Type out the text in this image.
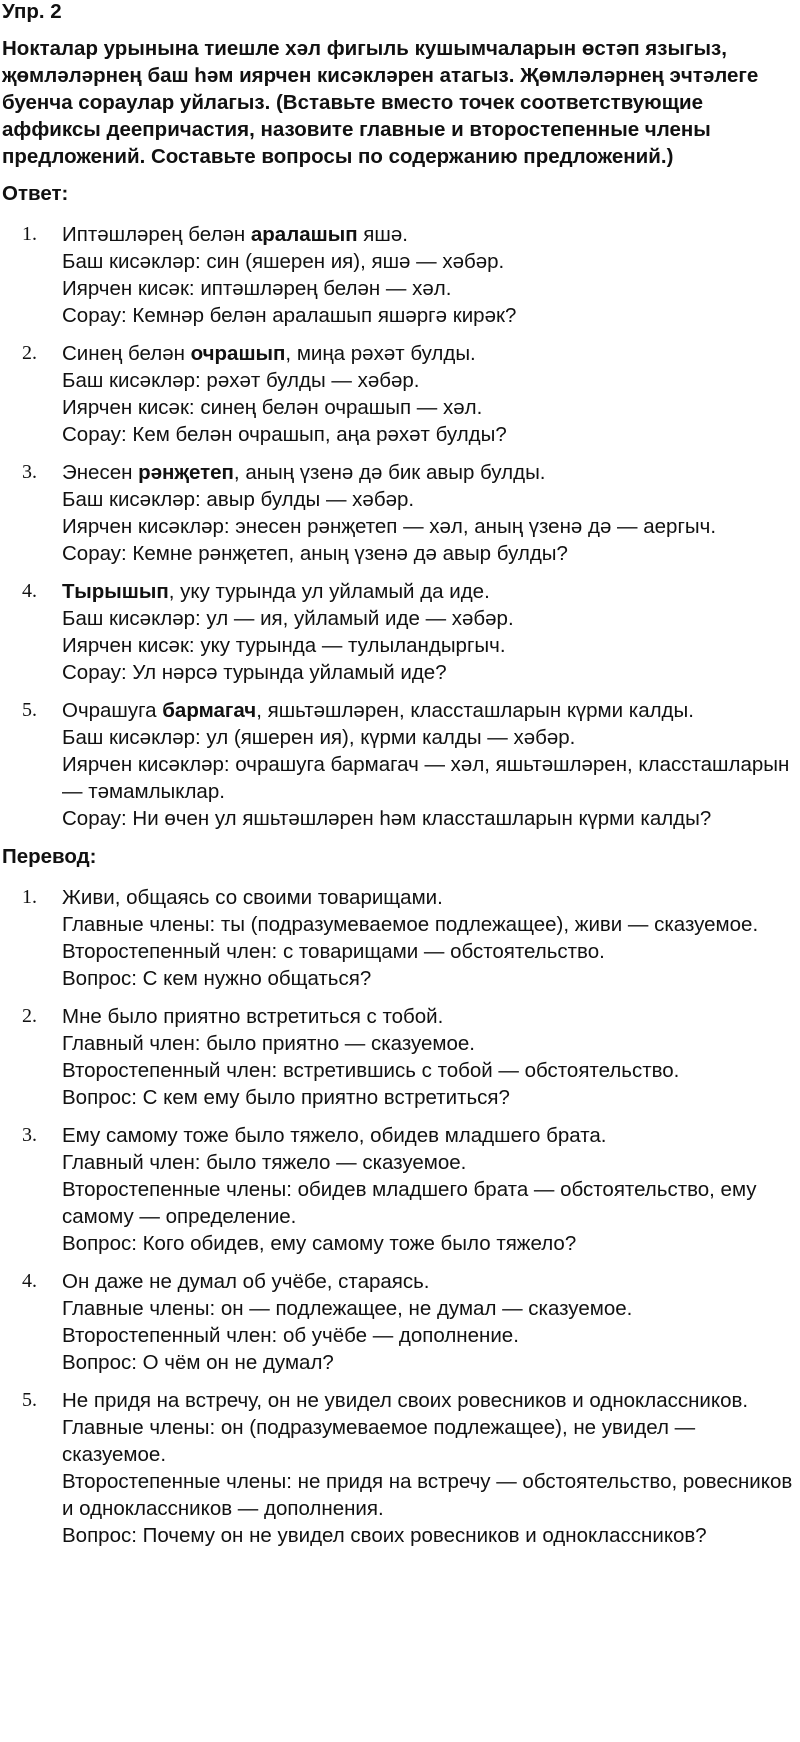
Упр. 2

Ноктала‌р урынына тиешле хәл фигыль кушымчаларын өстәп языгыз, җөмләләрнең баш һәм иярчен кисәкләрен атагыз. Җөмләләрнең эчтәлеге буенча сораулар уйлагыз. (Вставьте вместо точек соответствующие аффиксы деепричастия, назовите главные и второстепенные члены предложений. Составьте вопросы по содержанию предложений.)

Ответ:

1. Иптәшләрең белән аралашып яшә.
Баш кисәкләр: син (яшерен ия), яшә — хәбәр.
Иярчен кисәк: иптәшләрең белән — хәл.
Сорау: Кемнәр белән аралашып яшәргә кирәк?
2. Синең белән очрашып, миңа рәхәт булды.
Баш кисәкләр: рәхәт булды — хәбәр.
Иярчен кисәк: синең белән очрашып — хәл.
Сорау: Кем белән очрашып, аңа рәхәт булды?
3. Энесен рәнҗетеп, аның үзенә дә бик авыр булды.
Баш кисәкләр: авыр булды — хәбәр.
Иярчен кисәкләр: энесен рәнҗетеп — хәл, аның үзенә дә — аергыч.
Сорау: Кемне рәнҗетеп, аның үзенә дә авыр булды?
4. Тырышып, уку турында ул уйламый да иде.
Баш кисәкләр: ул — ия, уйламый иде — хәбәр.
Иярчен кисәк: уку турында — тулыландыргыч.
Сорау: Ул нәрсә турында уйламый иде?
5. Очрашуга бармагач, яшьтәшләрен, классташларын күрми калды.
Баш кисәкләр: ул (яшерен ия), күрми калды — хәбәр.
Иярчен кисәкләр: очрашуга бармагач — хәл, яшьтәшләрен, классташларын — тәмамлыклар.
Сорау: Ни өчен ул яшьтәшләрен һәм классташларын күрми калды?

Перевод:

1. Живи, общаясь со своими товарищами.
Главные члены: ты (подразумеваемое подлежащее), живи — сказуемое.
Второстепенный член: с товарищами — обстоятельство.
Вопрос: С кем нужно общаться?
2. Мне было приятно встретиться с тобой.
Главный член: было приятно — сказуемое.
Второстепенный член: встретившись с тобой — обстоятельство.
Вопрос: С кем ему было приятно встретиться?
3. Ему самому тоже было тяжело, обидев младшего брата.
Главный член: было тяжело — сказуемое.
Второстепенные члены: обидев младшего брата — обстоятельство, ему самому — определение.
Вопрос: Кого обидев, ему самому тоже было тяжело?
4. Он даже не думал об учёбе, стараясь.
Главные члены: он — подлежащее, не думал — сказуемое.
Второстепенный член: об учёбе — дополнение.
Вопрос: О чём он не думал?
5. Не придя на встречу, он не увидел своих ровесников и одноклассников.
Главные члены: он (подразумеваемое подлежащее), не увидел — сказуемое.
Второстепенные члены: не придя на встречу — обстоятельство, ровесников и одноклассников — дополнения.
Вопрос: Почему он не увидел своих ровесников и одноклассников?
